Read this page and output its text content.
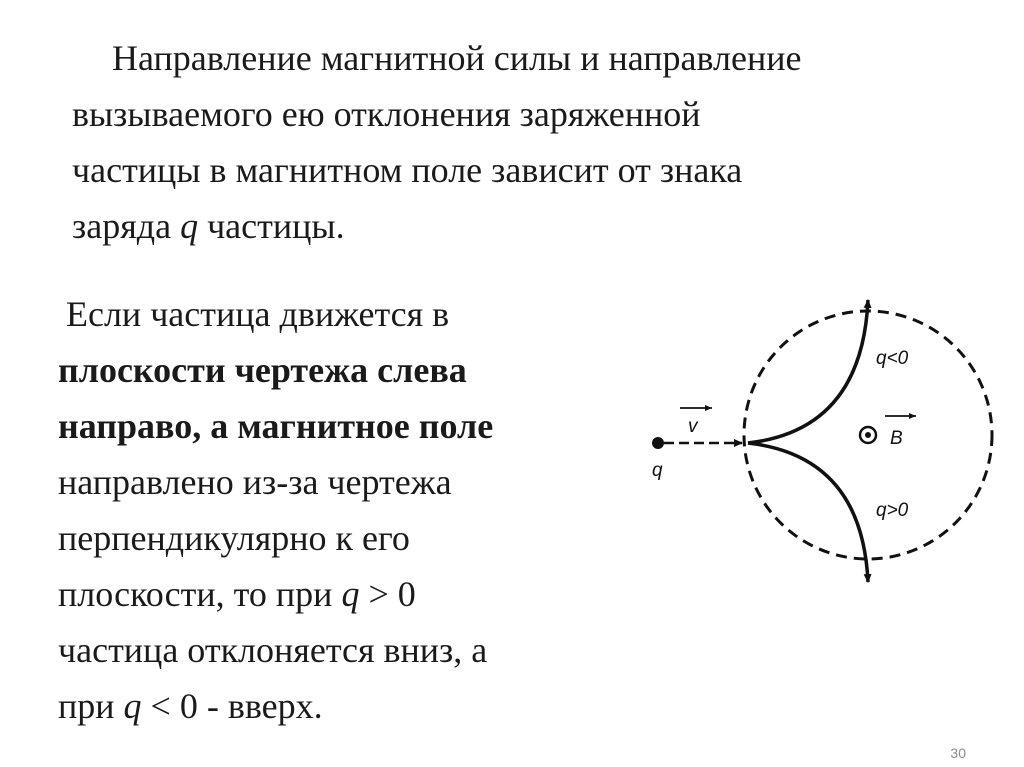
Направление магнитной силы и направление
вызываемого ею отклонения заряженной
частицы в магнитном поле зависит от знака
заряда q частицы.

Если частица движется в
плоскости чертежа слева
направо, а магнитное поле
направлено из-за чертежа
перпендикулярно к его
плоскости, то при q > 0
частица отклоняется вниз, а
при q < 0 - вверх.

v
q
B
q<0
q>0
30
